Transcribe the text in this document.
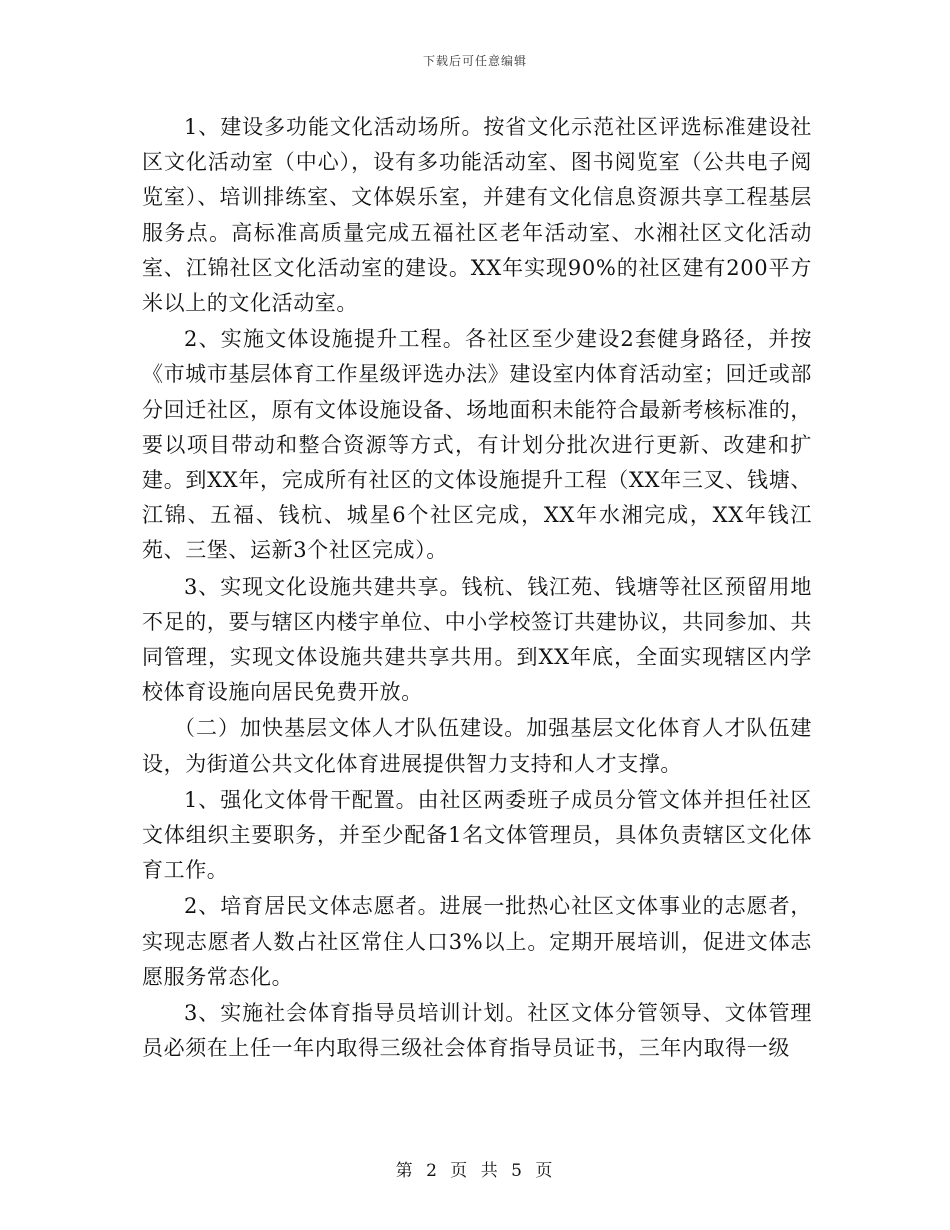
下载后可任意编辑

1、建设多功能文化活动场所。按省文化示范社区评选标准建设社区文化活动室（中心），设有多功能活动室、图书阅览室（公共电子阅览室）、培训排练室、文体娱乐室，并建有文化信息资源共享工程基层服务点。高标准高质量完成五福社区老年活动室、水湘社区文化活动室、江锦社区文化活动室的建设。XX年实现90%的社区建有200平方米以上的文化活动室。

2、实施文体设施提升工程。各社区至少建设2套健身路径，并按《市城市基层体育工作星级评选办法》建设室内体育活动室；回迁或部分回迁社区，原有文体设施设备、场地面积未能符合最新考核标准的，要以项目带动和整合资源等方式，有计划分批次进行更新、改建和扩建。到XX年，完成所有社区的文体设施提升工程（XX年三叉、钱塘、江锦、五福、钱杭、城星6个社区完成，XX年水湘完成，XX年钱江苑、三堡、运新3个社区完成）。

3、实现文化设施共建共享。钱杭、钱江苑、钱塘等社区预留用地不足的，要与辖区内楼宇单位、中小学校签订共建协议，共同参加、共同管理，实现文体设施共建共享共用。到XX年底，全面实现辖区内学校体育设施向居民免费开放。

（二）加快基层文体人才队伍建设。加强基层文化体育人才队伍建设，为街道公共文化体育进展提供智力支持和人才支撑。

1、强化文体骨干配置。由社区两委班子成员分管文体并担任社区文体组织主要职务，并至少配备1名文体管理员，具体负责辖区文化体育工作。

2、培育居民文体志愿者。进展一批热心社区文体事业的志愿者，实现志愿者人数占社区常住人口3%以上。定期开展培训，促进文体志愿服务常态化。

3、实施社会体育指导员培训计划。社区文体分管领导、文体管理员必须在上任一年内取得三级社会体育指导员证书，三年内取得一级

第 2 页 共 5 页
